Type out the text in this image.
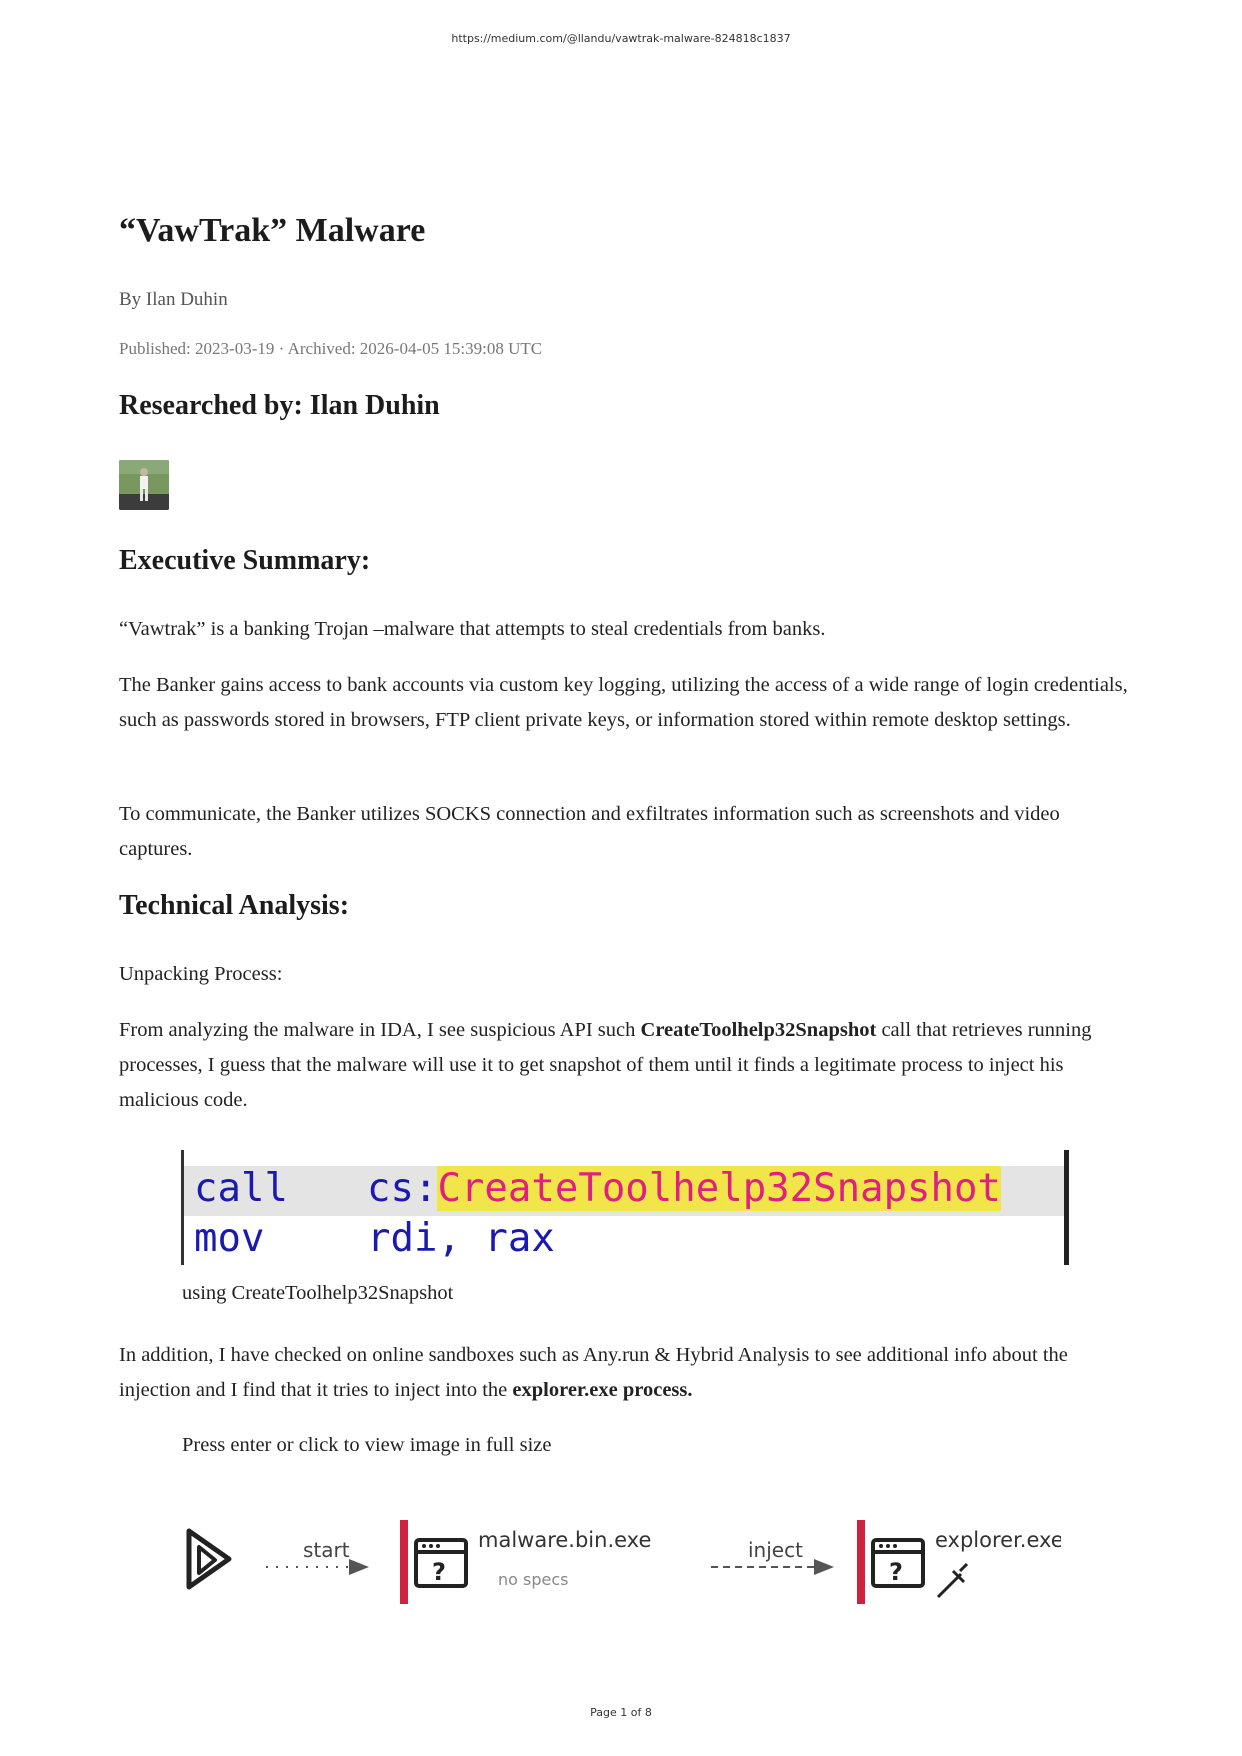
https://medium.com/@llandu/vawtrak-malware-824818c1837
“VawTrak” Malware
By Ilan Duhin
Published: 2023-03-19 · Archived: 2026-04-05 15:39:08 UTC
Researched by: Ilan Duhin
Executive Summary:

“Vawtrak” is a banking Trojan –malware that attempts to steal credentials from banks.

The Banker gains access to bank accounts via custom key logging, utilizing the access of a wide range of login credentials, such as passwords stored in browsers, FTP client private keys, or information stored within remote desktop settings.

To communicate, the Banker utilizes SOCKS connection and exfiltrates information such as screenshots and video captures.

Technical Analysis:

Unpacking Process:

From analyzing the malware in IDA, I see suspicious API such CreateToolhelp32Snapshot call that retrieves running processes, I guess that the malware will use it to get snapshot of them until it finds a legitimate process to inject his malicious code.

using CreateToolhelp32Snapshot

In addition, I have checked on online sandboxes such as Any.run & Hybrid Analysis to see additional info about the injection and I find that it tries to inject into the explorer.exe process.

Press enter or click to view image in full size
call cs:CreateToolhelp32Snapshot
mov	rdi, rax
start
?
malware.bin.exe
no specs
inject
?
explorer.exe
Page 1 of 8
